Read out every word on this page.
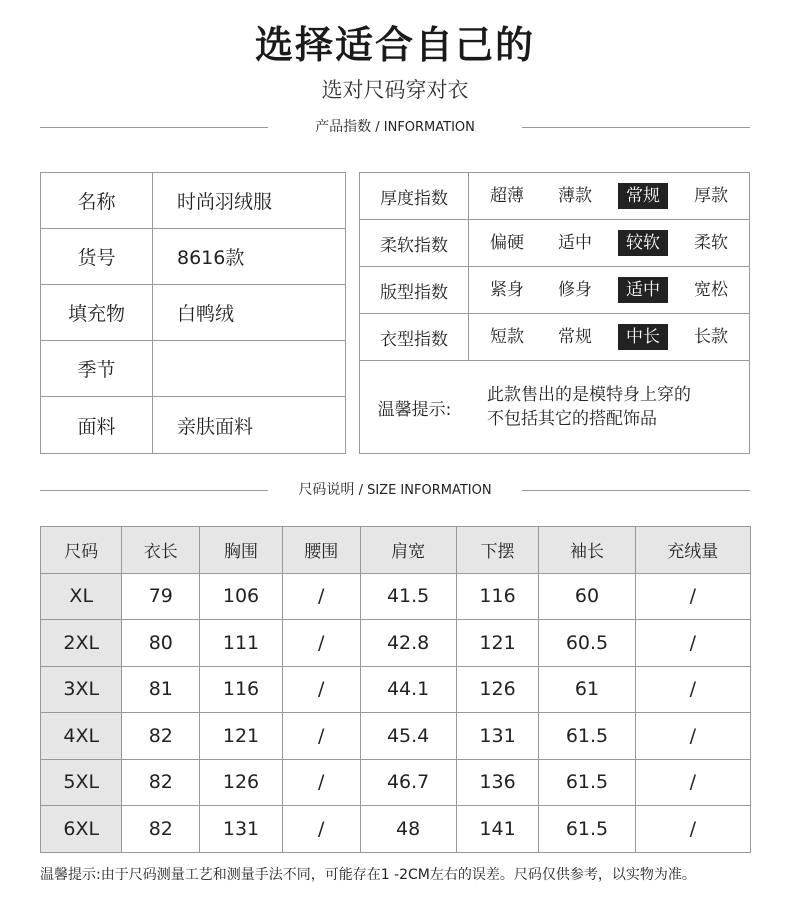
选择适合自己的
选对尺码穿对衣
产品指数 / INFORMATION
名称	时尚羽绒服
货号	8616款
填充物	白鸭绒
季节
面料	亲肤面料
厚度指数	超薄	薄款	常规	厚款
柔软指数	偏硬	适中	较软	柔软
版型指数	紧身	修身	适中	宽松
衣型指数	短款	常规	中长	长款
温馨提示:
此款售出的是模特身上穿的
不包括其它的搭配饰品
尺码说明 / SIZE INFORMATION
尺码	衣长	胸围	腰围	肩宽	下摆	袖长	充绒量
XL	79	106	/	41.5	116	60	/
2XL	80	111	/	42.8	121	60.5	/
3XL	81	116	/	44.1	126	61	/
4XL	82	121	/	45.4	131	61.5	/
5XL	82	126	/	46.7	136	61.5	/
6XL	82	131	/	48	141	61.5	/
温馨提示:由于尺码测量工艺和测量手法不同，可能存在1 -2CM左右的误差。尺码仅供参考，以实物为准。
